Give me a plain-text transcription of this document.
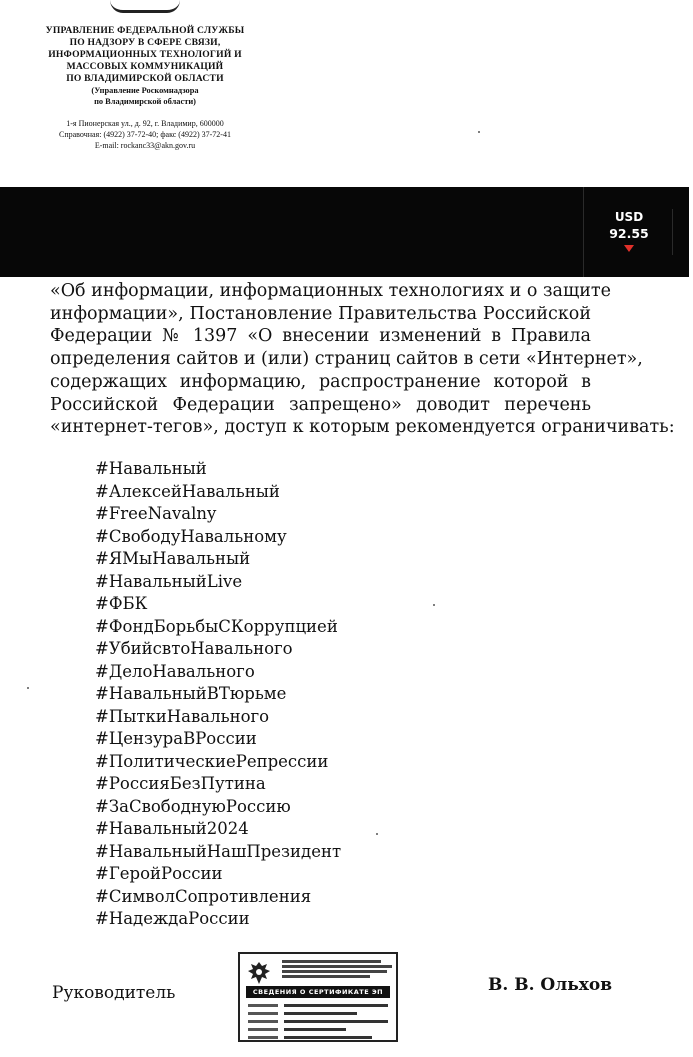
УПРАВЛЕНИЕ ФЕДЕРАЛЬНОЙ СЛУЖБЫ
ПО НАДЗОРУ В СФЕРЕ СВЯЗИ,
ИНФОРМАЦИОННЫХ ТЕХНОЛОГИЙ И
МАССОВЫХ КОММУНИКАЦИЙ
ПО ВЛАДИМИРСКОЙ ОБЛАСТИ
(Управление Роскомнадзора
по Владимирской области)
1-я Пионерская ул., д. 92, г. Владимир, 600000
Справочная: (4922) 37-72-40; факс (4922) 37-72-41
E-mail: rockanc33@akn.gov.ru
USD
92.55
«Об информации, информационных технологиях и о защите
информации», Постановление Правительства Российской
Федерации № 1397 «О внесении изменений в Правила
определения сайтов и (или) страниц сайтов в сети «Интернет»,
содержащих информацию, распространение которой в
Российской Федерации запрещено» доводит перечень
«интернет-тегов», доступ к которым рекомендуется ограничивать:
#Навальный
#АлексейНавальный
#FreeNavalny
#СвободуНавальному
#ЯМыНавальный
#НавальныйLive
#ФБК
#ФондБорьбыСКоррупцией
#УбийсвтоНавального
#ДелоНавального
#НавальныйВТюрьме
#ПыткиНавального
#ЦензураВРоссии
#ПолитическиеРепрессии
#РоссияБезПутина
#ЗаСвободнуюРоссию
#Навальный2024
#НавальныйНашПрезидент
#ГеройРоссии
#СимволСопротивления
#НадеждаРоссии
Руководитель	СВЕДЕНИЯ О СЕРТИФИКАТЕ ЭП	В. В. Ольхов
